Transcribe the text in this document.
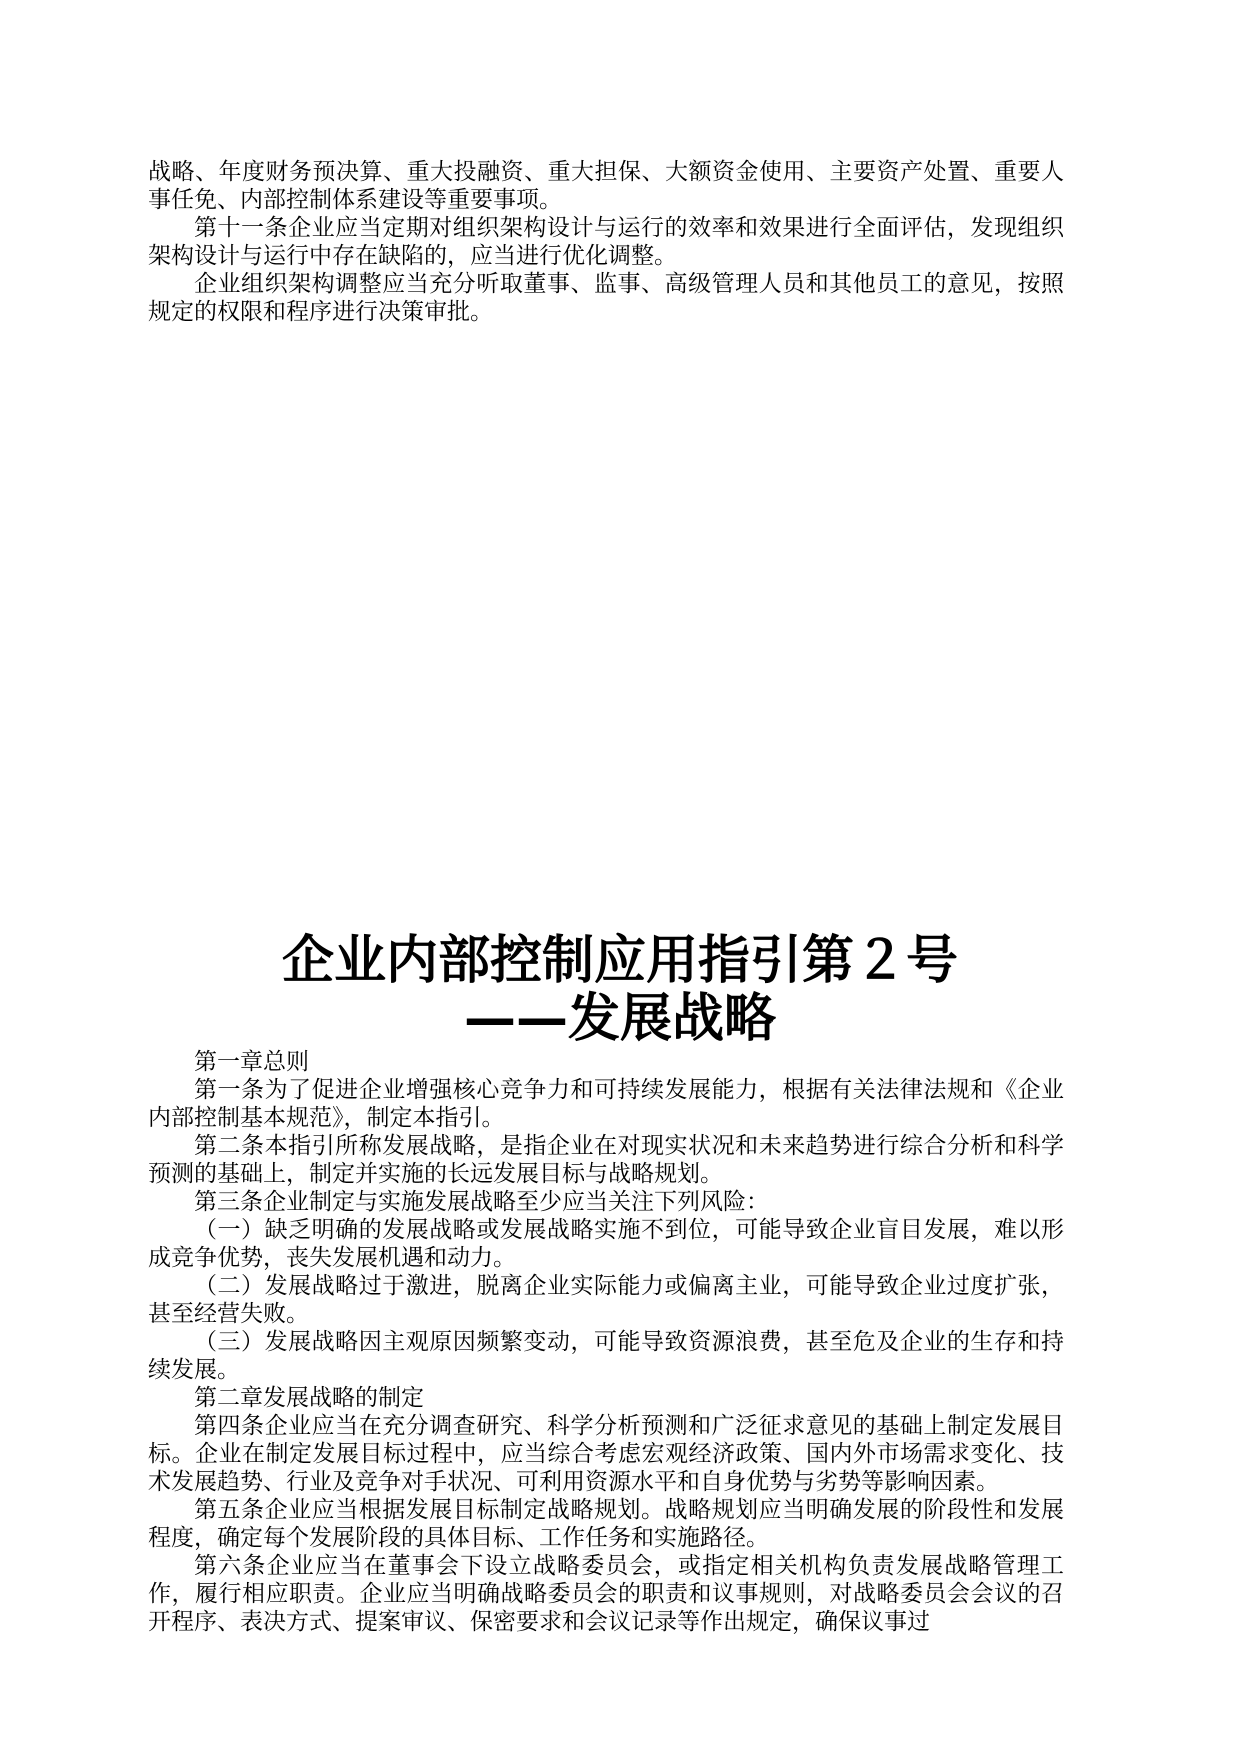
战略、年度财务预决算、重大投融资、重大担保、大额资金使用、主要资产处置、重要人事任免、内部控制体系建设等重要事项。

第十一条企业应当定期对组织架构设计与运行的效率和效果进行全面评估，发现组织架构设计与运行中存在缺陷的，应当进行优化调整。

企业组织架构调整应当充分听取董事、监事、高级管理人员和其他员工的意见，按照规定的权限和程序进行决策审批。

企业内部控制应用指引第２号

——发展战略

第一章总则

第一条为了促进企业增强核心竞争力和可持续发展能力，根据有关法律法规和《企业内部控制基本规范》，制定本指引。

第二条本指引所称发展战略，是指企业在对现实状况和未来趋势进行综合分析和科学预测的基础上，制定并实施的长远发展目标与战略规划。

第三条企业制定与实施发展战略至少应当关注下列风险：

（一）缺乏明确的发展战略或发展战略实施不到位，可能导致企业盲目发展，难以形成竞争优势，丧失发展机遇和动力。

（二）发展战略过于激进，脱离企业实际能力或偏离主业，可能导致企业过度扩张，甚至经营失败。

（三）发展战略因主观原因频繁变动，可能导致资源浪费，甚至危及企业的生存和持续发展。

第二章发展战略的制定

第四条企业应当在充分调查研究、科学分析预测和广泛征求意见的基础上制定发展目标。企业在制定发展目标过程中，应当综合考虑宏观经济政策、国内外市场需求变化、技术发展趋势、行业及竞争对手状况、可利用资源水平和自身优势与劣势等影响因素。

第五条企业应当根据发展目标制定战略规划。战略规划应当明确发展的阶段性和发展程度，确定每个发展阶段的具体目标、工作任务和实施路径。

第六条企业应当在董事会下设立战略委员会，或指定相关机构负责发展战略管理工作，履行相应职责。企业应当明确战略委员会的职责和议事规则，对战略委员会会议的召开程序、表决方式、提案审议、保密要求和会议记录等作出规定，确保议事过
